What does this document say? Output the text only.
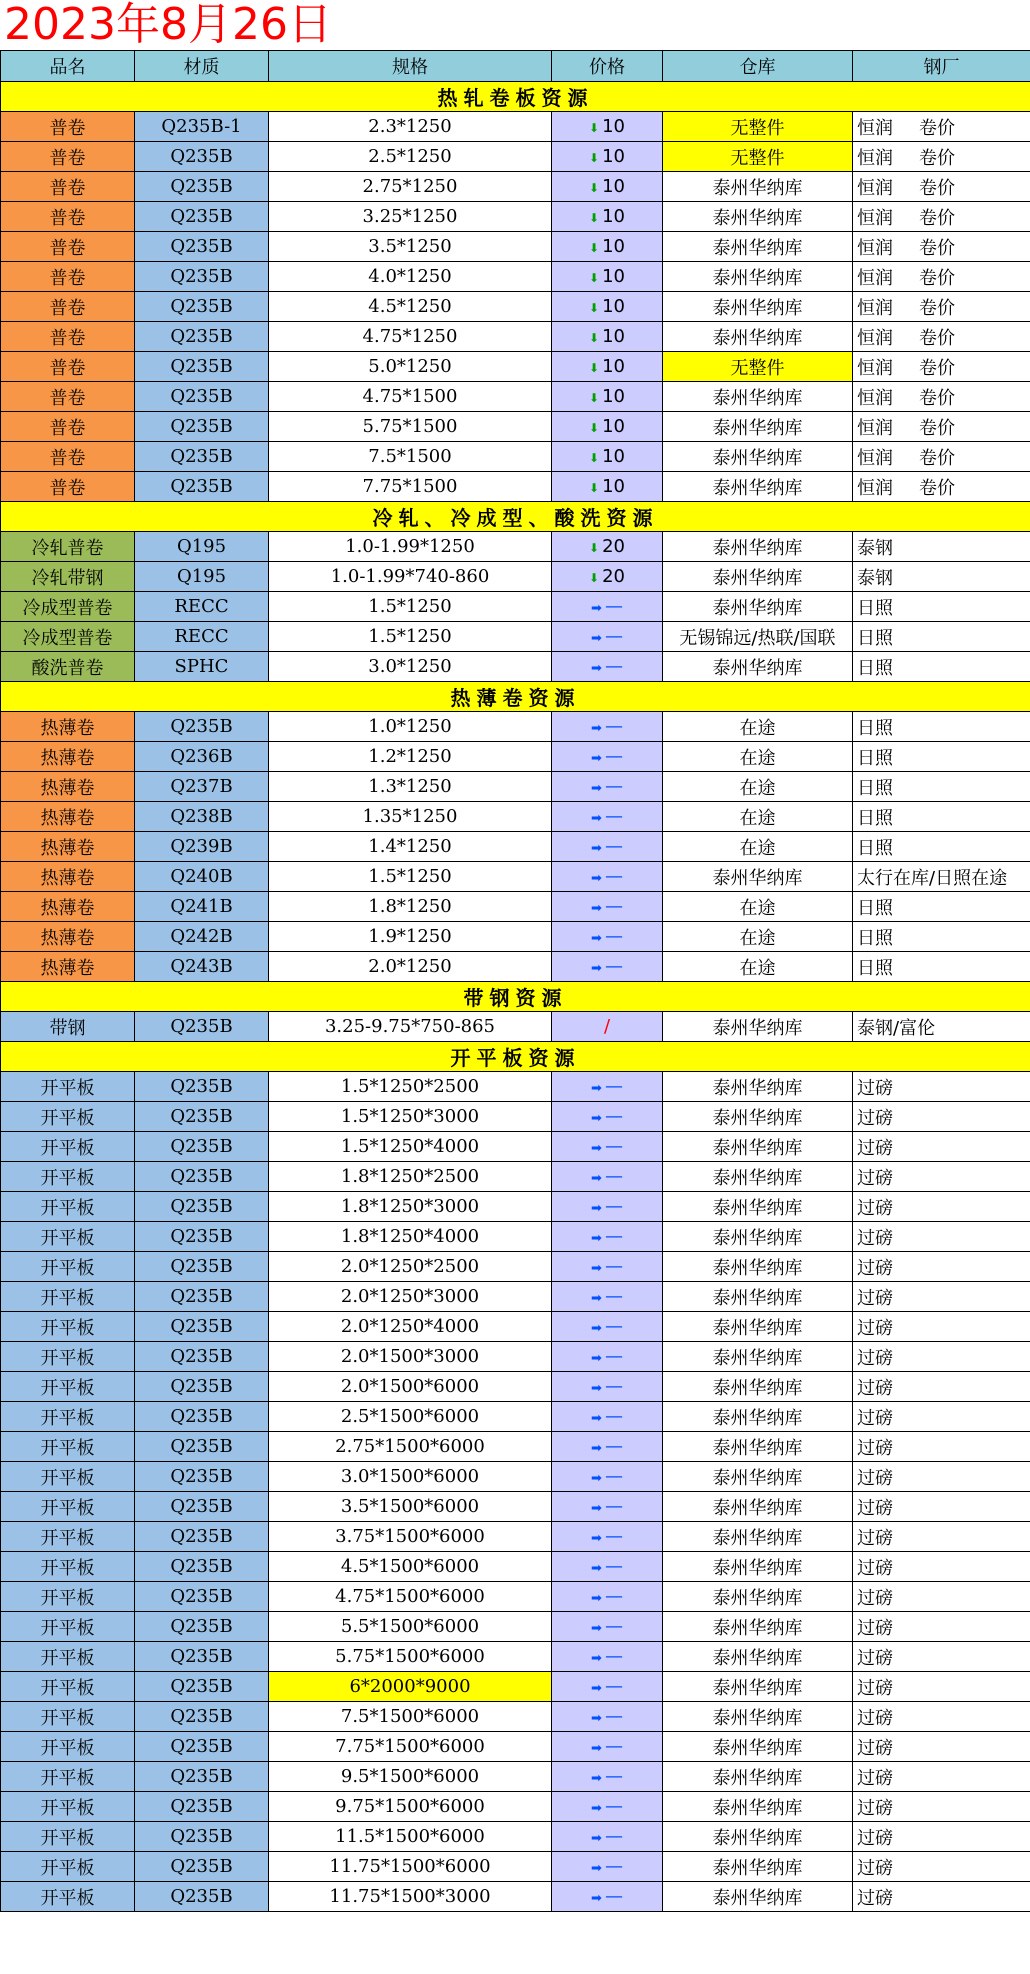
2023年8月26日
品名	材质	规格	价格	仓库	钢厂
热轧卷板资源					
普卷	Q235B-1	2.3*1250	⬇ 10	无整件	恒润 卷价
普卷	Q235B	2.5*1250	⬇ 10	无整件	恒润 卷价
普卷	Q235B	2.75*1250	⬇ 10	泰州华纳库	恒润 卷价
普卷	Q235B	3.25*1250	⬇ 10	泰州华纳库	恒润 卷价
普卷	Q235B	3.5*1250	⬇ 10	泰州华纳库	恒润 卷价
普卷	Q235B	4.0*1250	⬇ 10	泰州华纳库	恒润 卷价
普卷	Q235B	4.5*1250	⬇ 10	泰州华纳库	恒润 卷价
普卷	Q235B	4.75*1250	⬇ 10	泰州华纳库	恒润 卷价
普卷	Q235B	5.0*1250	⬇ 10	无整件	恒润 卷价
普卷	Q235B	4.75*1500	⬇ 10	泰州华纳库	恒润 卷价
普卷	Q235B	5.75*1500	⬇ 10	泰州华纳库	恒润 卷价
普卷	Q235B	7.5*1500	⬇ 10	泰州华纳库	恒润 卷价
普卷	Q235B	7.75*1500	⬇ 10	泰州华纳库	恒润 卷价
冷轧、冷成型、酸洗资源					
冷轧普卷	Q195	1.0-1.99*1250	⬇ 20	泰州华纳库	泰钢
冷轧带钢	Q195	1.0-1.99*740-860	⬇ 20	泰州华纳库	泰钢
冷成型普卷	RECC	1.5*1250	➡ —	泰州华纳库	日照
冷成型普卷	RECC	1.5*1250	➡ —	无锡锦远/热联/国联	日照
酸洗普卷	SPHC	3.0*1250	➡ —	泰州华纳库	日照
热薄卷资源					
热薄卷	Q235B	1.0*1250	➡ —	在途	日照
热薄卷	Q236B	1.2*1250	➡ —	在途	日照
热薄卷	Q237B	1.3*1250	➡ —	在途	日照
热薄卷	Q238B	1.35*1250	➡ —	在途	日照
热薄卷	Q239B	1.4*1250	➡ —	在途	日照
热薄卷	Q240B	1.5*1250	➡ —	泰州华纳库	太行在库/日照在途
热薄卷	Q241B	1.8*1250	➡ —	在途	日照
热薄卷	Q242B	1.9*1250	➡ —	在途	日照
热薄卷	Q243B	2.0*1250	➡ —	在途	日照
带钢资源					
带钢	Q235B	3.25-9.75*750-865	/	泰州华纳库	泰钢/富伦
开平板资源					
开平板	Q235B	1.5*1250*2500	➡ —	泰州华纳库	过磅
开平板	Q235B	1.5*1250*3000	➡ —	泰州华纳库	过磅
开平板	Q235B	1.5*1250*4000	➡ —	泰州华纳库	过磅
开平板	Q235B	1.8*1250*2500	➡ —	泰州华纳库	过磅
开平板	Q235B	1.8*1250*3000	➡ —	泰州华纳库	过磅
开平板	Q235B	1.8*1250*4000	➡ —	泰州华纳库	过磅
开平板	Q235B	2.0*1250*2500	➡ —	泰州华纳库	过磅
开平板	Q235B	2.0*1250*3000	➡ —	泰州华纳库	过磅
开平板	Q235B	2.0*1250*4000	➡ —	泰州华纳库	过磅
开平板	Q235B	2.0*1500*3000	➡ —	泰州华纳库	过磅
开平板	Q235B	2.0*1500*6000	➡ —	泰州华纳库	过磅
开平板	Q235B	2.5*1500*6000	➡ —	泰州华纳库	过磅
开平板	Q235B	2.75*1500*6000	➡ —	泰州华纳库	过磅
开平板	Q235B	3.0*1500*6000	➡ —	泰州华纳库	过磅
开平板	Q235B	3.5*1500*6000	➡ —	泰州华纳库	过磅
开平板	Q235B	3.75*1500*6000	➡ —	泰州华纳库	过磅
开平板	Q235B	4.5*1500*6000	➡ —	泰州华纳库	过磅
开平板	Q235B	4.75*1500*6000	➡ —	泰州华纳库	过磅
开平板	Q235B	5.5*1500*6000	➡ —	泰州华纳库	过磅
开平板	Q235B	5.75*1500*6000	➡ —	泰州华纳库	过磅
开平板	Q235B	6*2000*9000	➡ —	泰州华纳库	过磅
开平板	Q235B	7.5*1500*6000	➡ —	泰州华纳库	过磅
开平板	Q235B	7.75*1500*6000	➡ —	泰州华纳库	过磅
开平板	Q235B	9.5*1500*6000	➡ —	泰州华纳库	过磅
开平板	Q235B	9.75*1500*6000	➡ —	泰州华纳库	过磅
开平板	Q235B	11.5*1500*6000	➡ —	泰州华纳库	过磅
开平板	Q235B	11.75*1500*6000	➡ —	泰州华纳库	过磅
开平板	Q235B	11.75*1500*3000	➡ —	泰州华纳库	过磅
